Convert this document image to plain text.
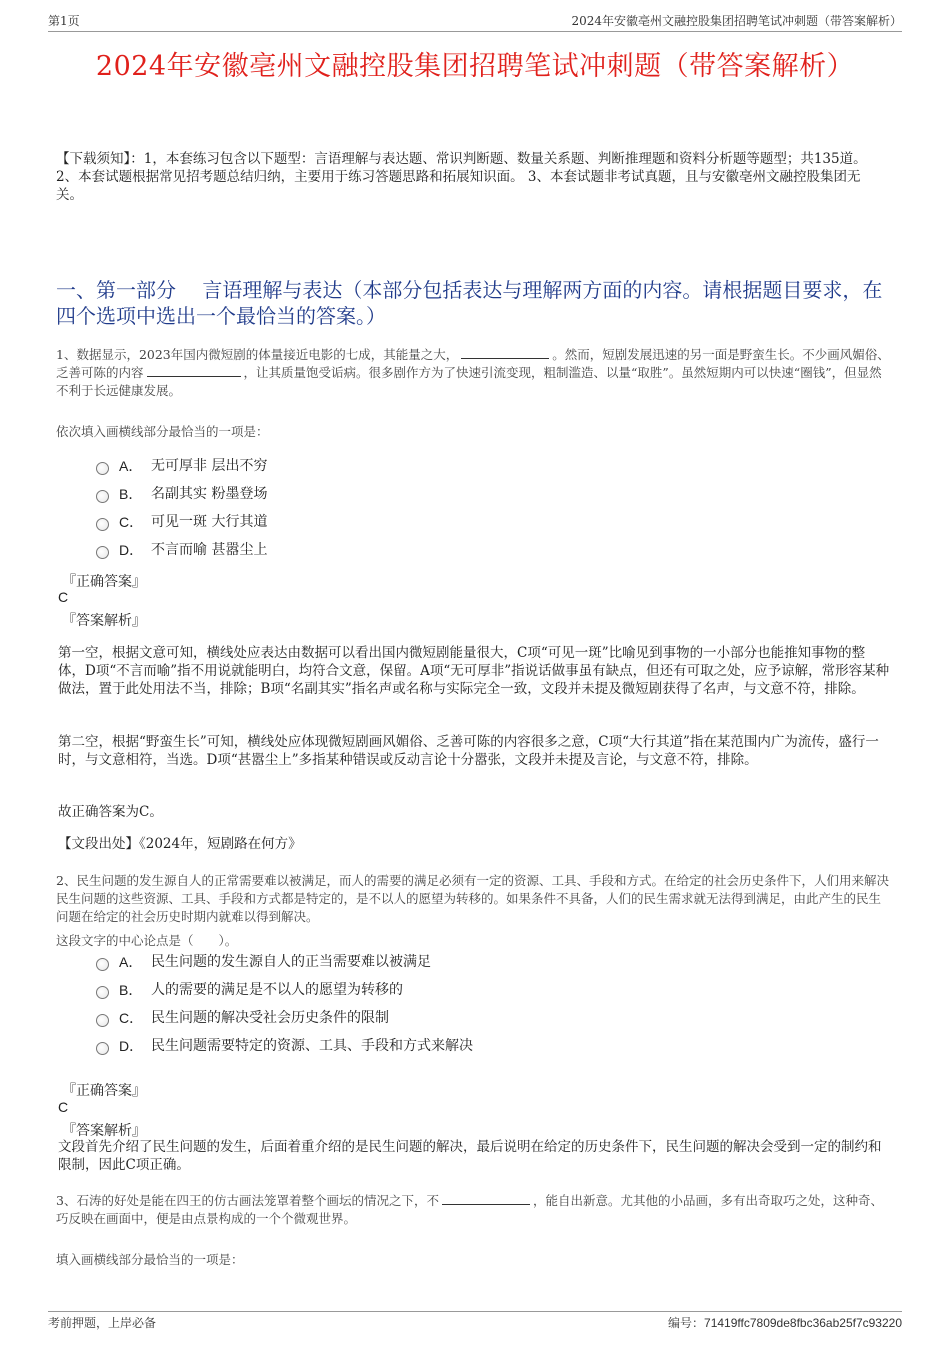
第1页	2024年安徽亳州文融控股集团招聘笔试冲刺题（带答案解析）
2024年安徽亳州文融控股集团招聘笔试冲刺题（带答案解析）
【下载须知】：1，本套练习包含以下题型：言语理解与表达题、常识判断题、数量关系题、判断推理题和资料分析题等题型；共135道。 2、本套试题根据常见招考题总结归纳，主要用于练习答题思路和拓展知识面。 3、本套试题非考试真题，且与安徽亳州文融控股集团无关。
一、第一部分　 言语理解与表达（本部分包括表达与理解两方面的内容。请根据题目要求，在四个选项中选出一个最恰当的答案。）
1、数据显示，2023年国内微短剧的体量接近电影的七成，其能量之大，	。然而，短剧发展迅速的另一面是野蛮生长。不少画风媚俗、乏善可陈的内容	，让其质量饱受诟病。很多剧作方为了快速引流变现，粗制滥造、以量“取胜”。虽然短期内可以快速“圈钱”，但显然不利于长远健康发展。
依次填入画横线部分最恰当的一项是：
A． 无可厚非 层出不穷
B． 名副其实 粉墨登场
C． 可见一斑 大行其道
D． 不言而喻 甚嚣尘上
『正确答案』
C
『答案解析』
第一空，根据文意可知，横线处应表达由数据可以看出国内微短剧能量很大，C项“可见一斑”比喻见到事物的一小部分也能推知事物的整体，D项“不言而喻”指不用说就能明白，均符合文意，保留。A项“无可厚非”指说话做事虽有缺点，但还有可取之处，应予谅解，常形容某种做法，置于此处用法不当，排除；B项“名副其实”指名声或名称与实际完全一致，文段并未提及微短剧获得了名声，与文意不符，排除。
第二空，根据“野蛮生长”可知，横线处应体现微短剧画风媚俗、乏善可陈的内容很多之意，C项“大行其道”指在某范围内广为流传，盛行一时，与文意相符，当选。D项“甚嚣尘上”多指某种错误或反动言论十分嚣张，文段并未提及言论，与文意不符，排除。
故正确答案为C。
【文段出处】《2024年，短剧路在何方》
2、民生问题的发生源自人的正常需要难以被满足，而人的需要的满足必须有一定的资源、工具、手段和方式。在给定的社会历史条件下，人们用来解决民生问题的这些资源、工具、手段和方式都是特定的，是不以人的愿望为转移的。如果条件不具备，人们的民生需求就无法得到满足，由此产生的民生问题在给定的社会历史时期内就难以得到解决。
这段文字的中心论点是（　　）。
A． 民生问题的发生源自人的正当需要难以被满足
B． 人的需要的满足是不以人的愿望为转移的
C． 民生问题的解决受社会历史条件的限制
D． 民生问题需要特定的资源、工具、手段和方式来解决
『正确答案』
C
『答案解析』
文段首先介绍了民生问题的发生，后面着重介绍的是民生问题的解决，最后说明在给定的历史条件下，民生问题的解决会受到一定的制约和限制，因此C项正确。
3、石涛的好处是能在四王的仿古画法笼罩着整个画坛的情况之下，不	，能自出新意。尤其他的小品画，多有出奇取巧之处，这种奇、巧反映在画面中，便是由点景构成的一个个微观世界。
填入画横线部分最恰当的一项是：
考前押题，上岸必备	编号：71419ffc7809de8fbc36ab25f7c93220
